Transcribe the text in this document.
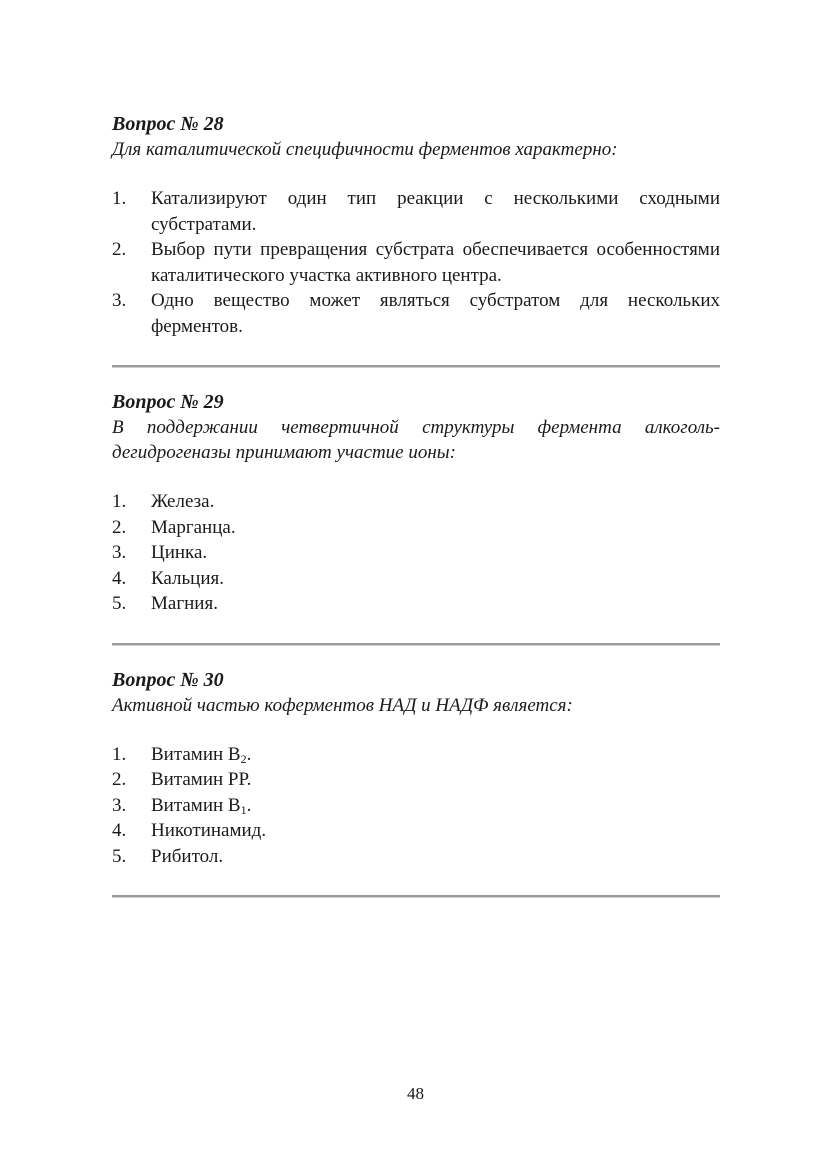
Вопрос № 28

Для каталитической специфичности ферментов характерно:

1. Катализируют один тип реакции с несколькими сходными субстратами.
2. Выбор пути превращения субстрата обеспечивается особенностями каталитического участка активного центра.
3. Одно вещество может являться субстратом для нескольких ферментов.

Вопрос № 29

В поддержании четвертичной структуры фермента алкоголь-дегидрогеназы принимают участие ионы:

1. Железа.
2. Марганца.
3. Цинка.
4. Кальция.
5. Магния.

Вопрос № 30

Активной частью коферментов НАД и НАДФ является:

1. Витамин $В_2$.
2. Витамин РР.
3. Витамин $В_1$.
4. Никотинамид.
5. Рибитол.
48
